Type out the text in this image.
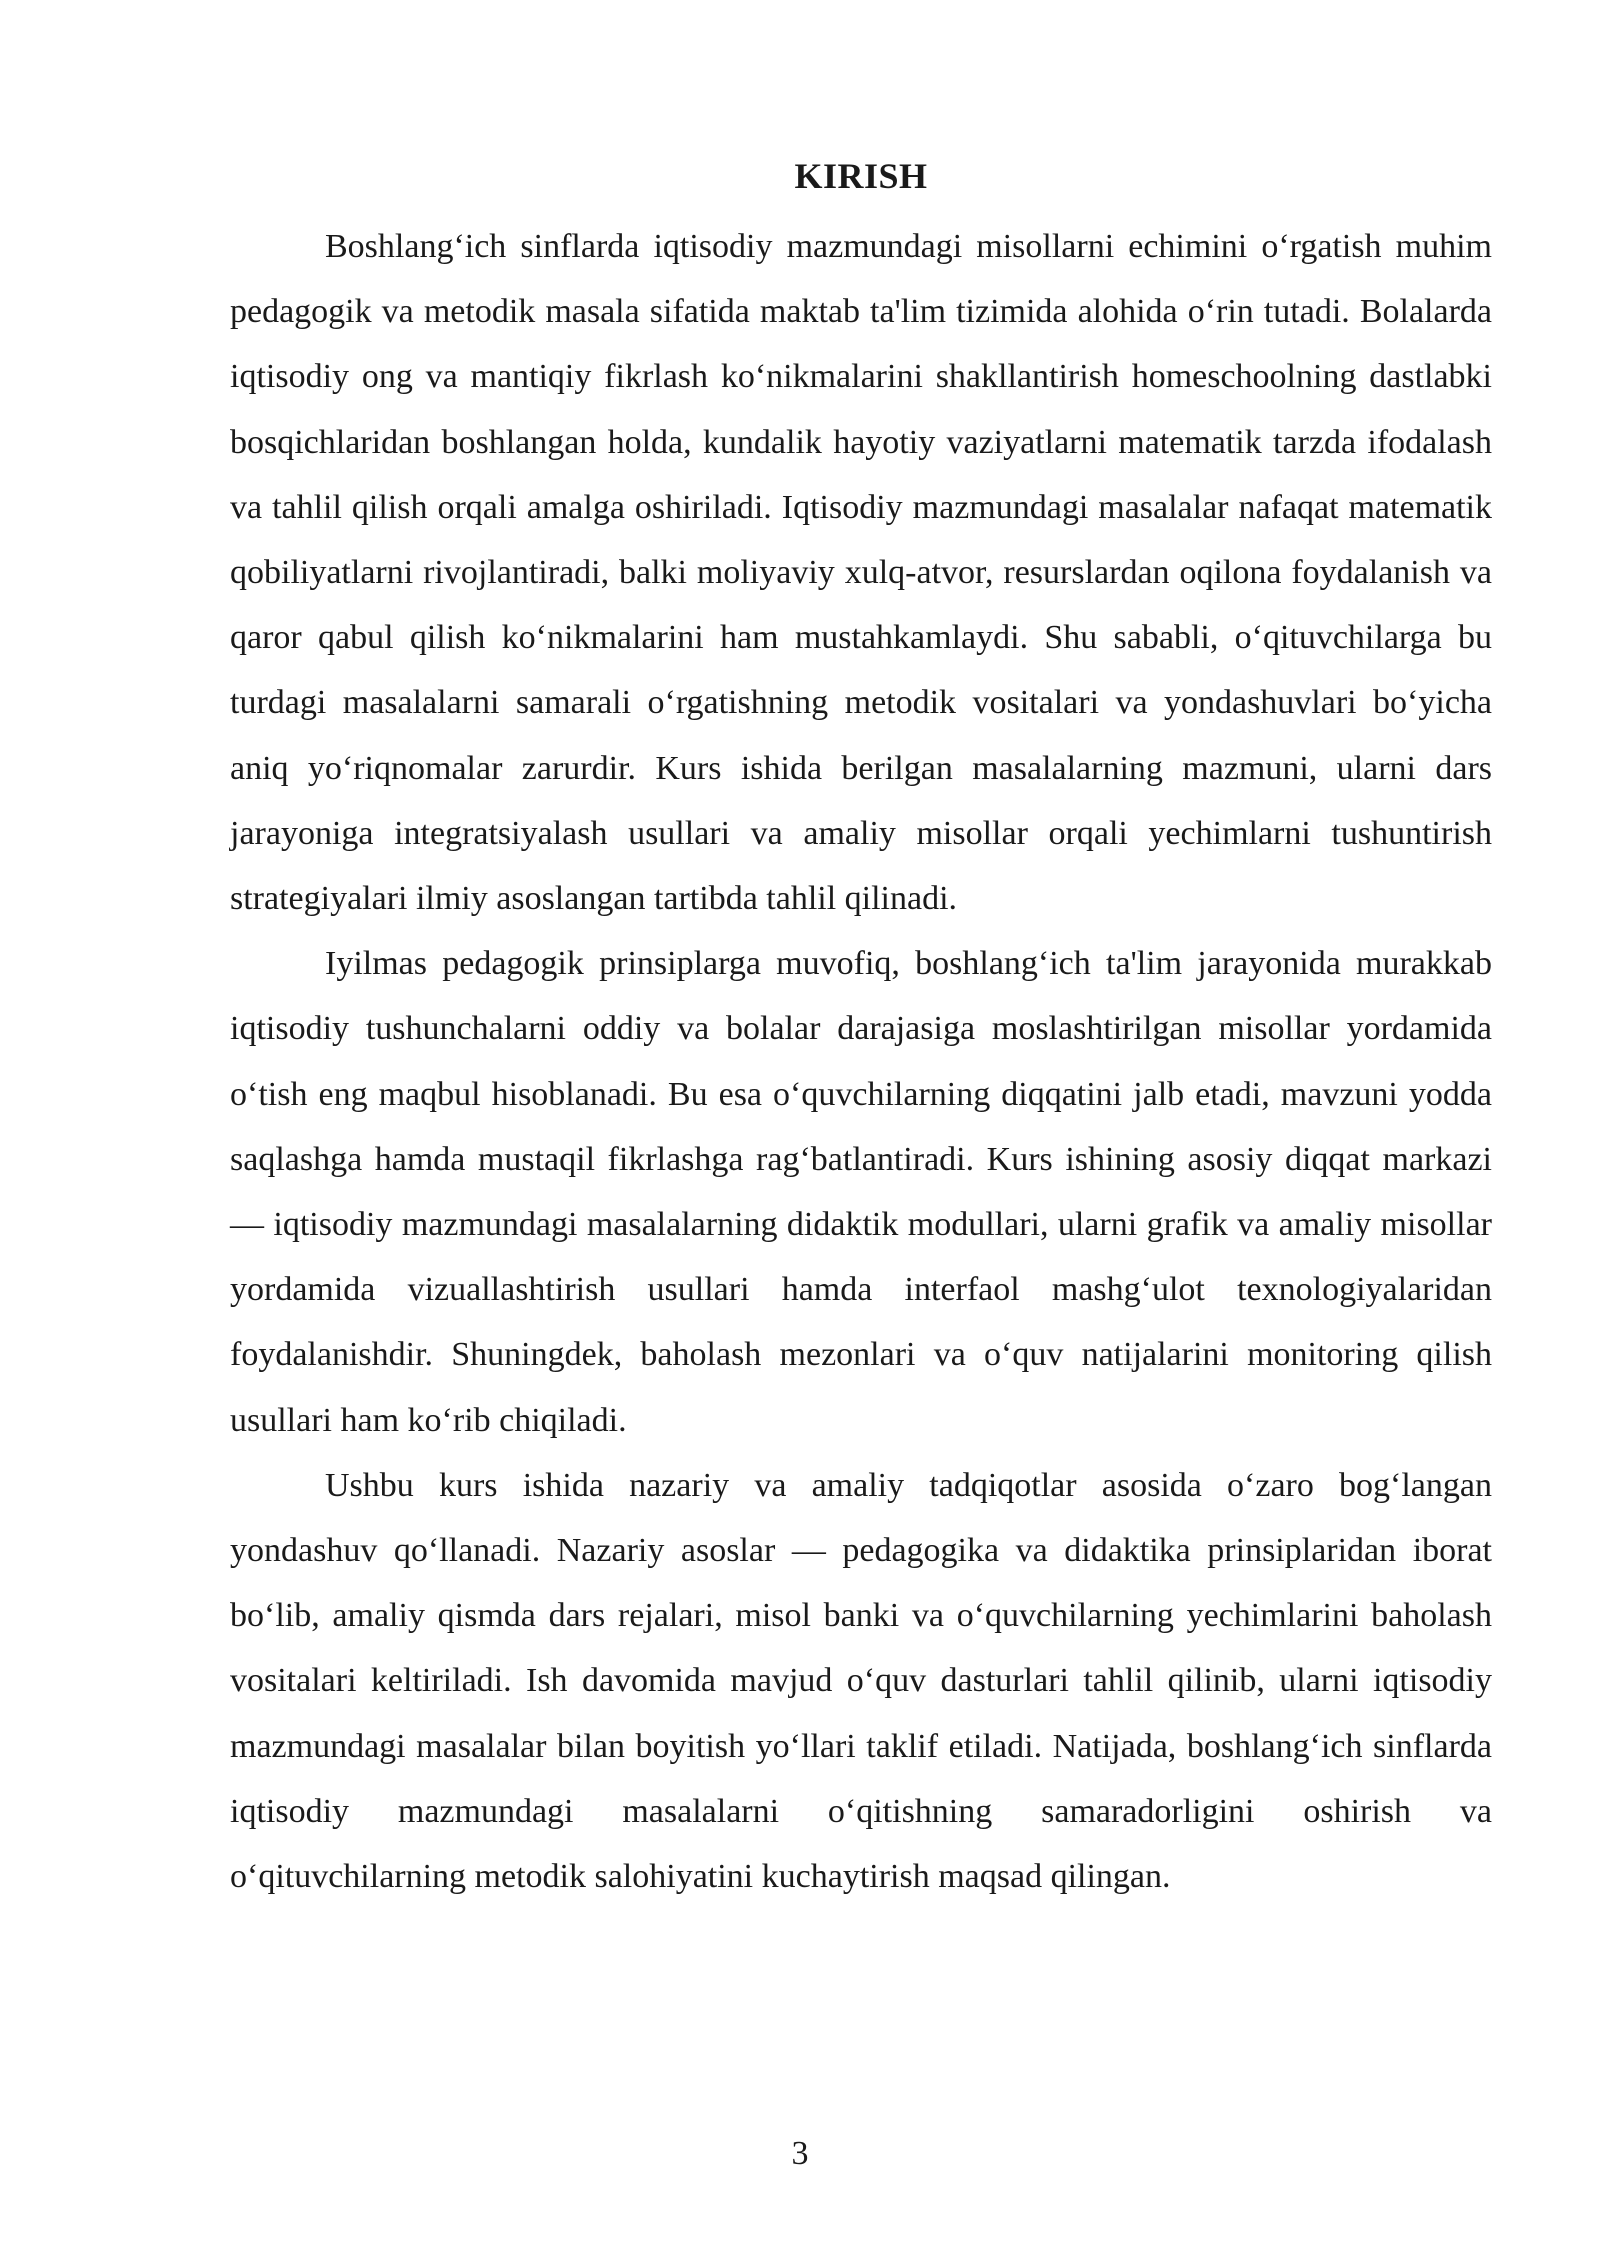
KIRISH

Boshlang‘ich sinflarda iqtisodiy mazmundagi misollarni echimini o‘rgatish muhim pedagogik va metodik masala sifatida maktab ta'lim tizimida alohida o‘rin tutadi. Bolalarda iqtisodiy ong va mantiqiy fikrlash ko‘nikmalarini shakllantirish homeschoolning dastlabki bosqichlaridan boshlangan holda, kundalik hayotiy vaziyatlarni matematik tarzda ifodalash va tahlil qilish orqali amalga oshiriladi. Iqtisodiy mazmundagi masalalar nafaqat matematik qobiliyatlarni rivojlantiradi, balki moliyaviy xulq-atvor, resurslardan oqilona foydalanish va qaror qabul qilish ko‘nikmalarini ham mustahkamlaydi. Shu sababli, o‘qituvchilarga bu turdagi masalalarni samarali o‘rgatishning metodik vositalari va yondashuvlari bo‘yicha aniq yo‘riqnomalar zarurdir. Kurs ishida berilgan masalalarning mazmuni, ularni dars jarayoniga integratsiyalash usullari va amaliy misollar orqali yechimlarni tushuntirish strategiyalari ilmiy asoslangan tartibda tahlil qilinadi.

Iyilmas pedagogik prinsiplarga muvofiq, boshlang‘ich ta'lim jarayonida murakkab iqtisodiy tushunchalarni oddiy va bolalar darajasiga moslashtirilgan misollar yordamida o‘tish eng maqbul hisoblanadi. Bu esa o‘quvchilarning diqqatini jalb etadi, mavzuni yodda saqlashga hamda mustaqil fikrlashga rag‘batlantiradi. Kurs ishining asosiy diqqat markazi — iqtisodiy mazmundagi masalalarning didaktik modullari, ularni grafik va amaliy misollar yordamida vizuallashtirish usullari hamda interfaol mashg‘ulot texnologiyalaridan foydalanishdir. Shuningdek, baholash mezonlari va o‘quv natijalarini monitoring qilish usullari ham ko‘rib chiqiladi.

Ushbu kurs ishida nazariy va amaliy tadqiqotlar asosida o‘zaro bog‘langan yondashuv qo‘llanadi. Nazariy asoslar — pedagogika va didaktika prinsiplaridan iborat bo‘lib, amaliy qismda dars rejalari, misol banki va o‘quvchilarning yechimlarini baholash vositalari keltiriladi. Ish davomida mavjud o‘quv dasturlari tahlil qilinib, ularni iqtisodiy mazmundagi masalalar bilan boyitish yo‘llari taklif etiladi. Natijada, boshlang‘ich sinflarda iqtisodiy mazmundagi masalalarni o‘qitishning samaradorligini oshirish va o‘qituvchilarning metodik salohiyatini kuchaytirish maqsad qilingan.

3
